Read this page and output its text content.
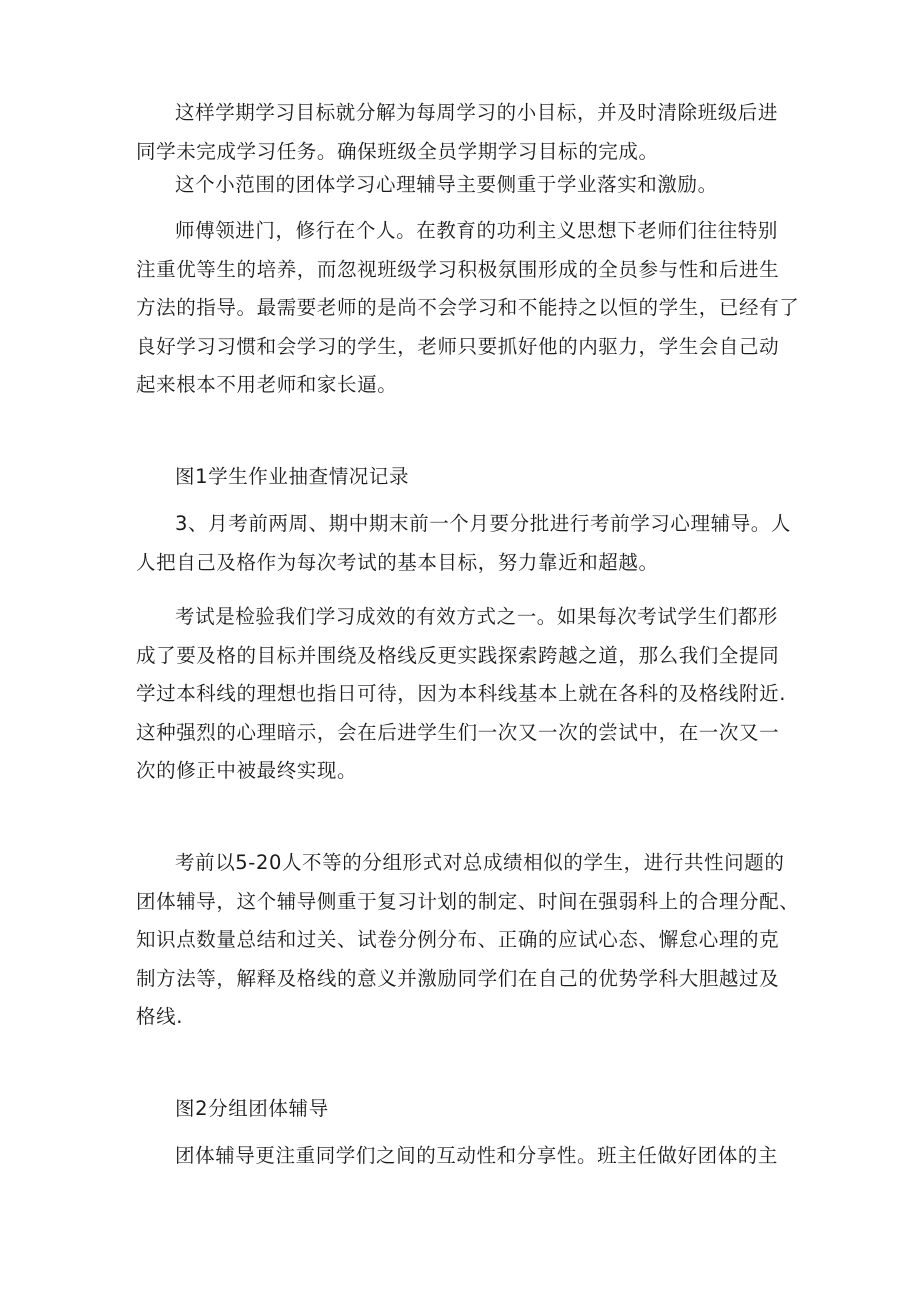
这样学期学习目标就分解为每周学习的小目标，并及时清除班级后进
同学未完成学习任务。确保班级全员学期学习目标的完成。

这个小范围的团体学习心理辅导主要侧重于学业落实和激励。

师傅领进门，修行在个人。在教育的功利主义思想下老师们往往特别
注重优等生的培养，而忽视班级学习积极氛围形成的全员参与性和后进生
方法的指导。最需要老师的是尚不会学习和不能持之以恒的学生，已经有了
良好学习习惯和会学习的学生，老师只要抓好他的内驱力，学生会自己动
起来根本不用老师和家长逼。

图1学生作业抽查情况记录

3、月考前两周、期中期末前一个月要分批进行考前学习心理辅导。人
人把自己及格作为每次考试的基本目标，努力靠近和超越。

考试是检验我们学习成效的有效方式之一。如果每次考试学生们都形
成了要及格的目标并围绕及格线反更实践探索跨越之道，那么我们全提同
学过本科线的理想也指日可待，因为本科线基本上就在各科的及格线附近.
这种强烈的心理暗示，会在后进学生们一次又一次的尝试中，在一次又一
次的修正中被最终实现。

考前以5-20人不等的分组形式对总成绩相似的学生，进行共性问题的
团体辅导，这个辅导侧重于复习计划的制定、时间在强弱科上的合理分配、
知识点数量总结和过关、试卷分例分布、正确的应试心态、懈怠心理的克
制方法等，解释及格线的意义并激励同学们在自己的优势学科大胆越过及
格线.

图2分组团体辅导

团体辅导更注重同学们之间的互动性和分享性。班主任做好团体的主
